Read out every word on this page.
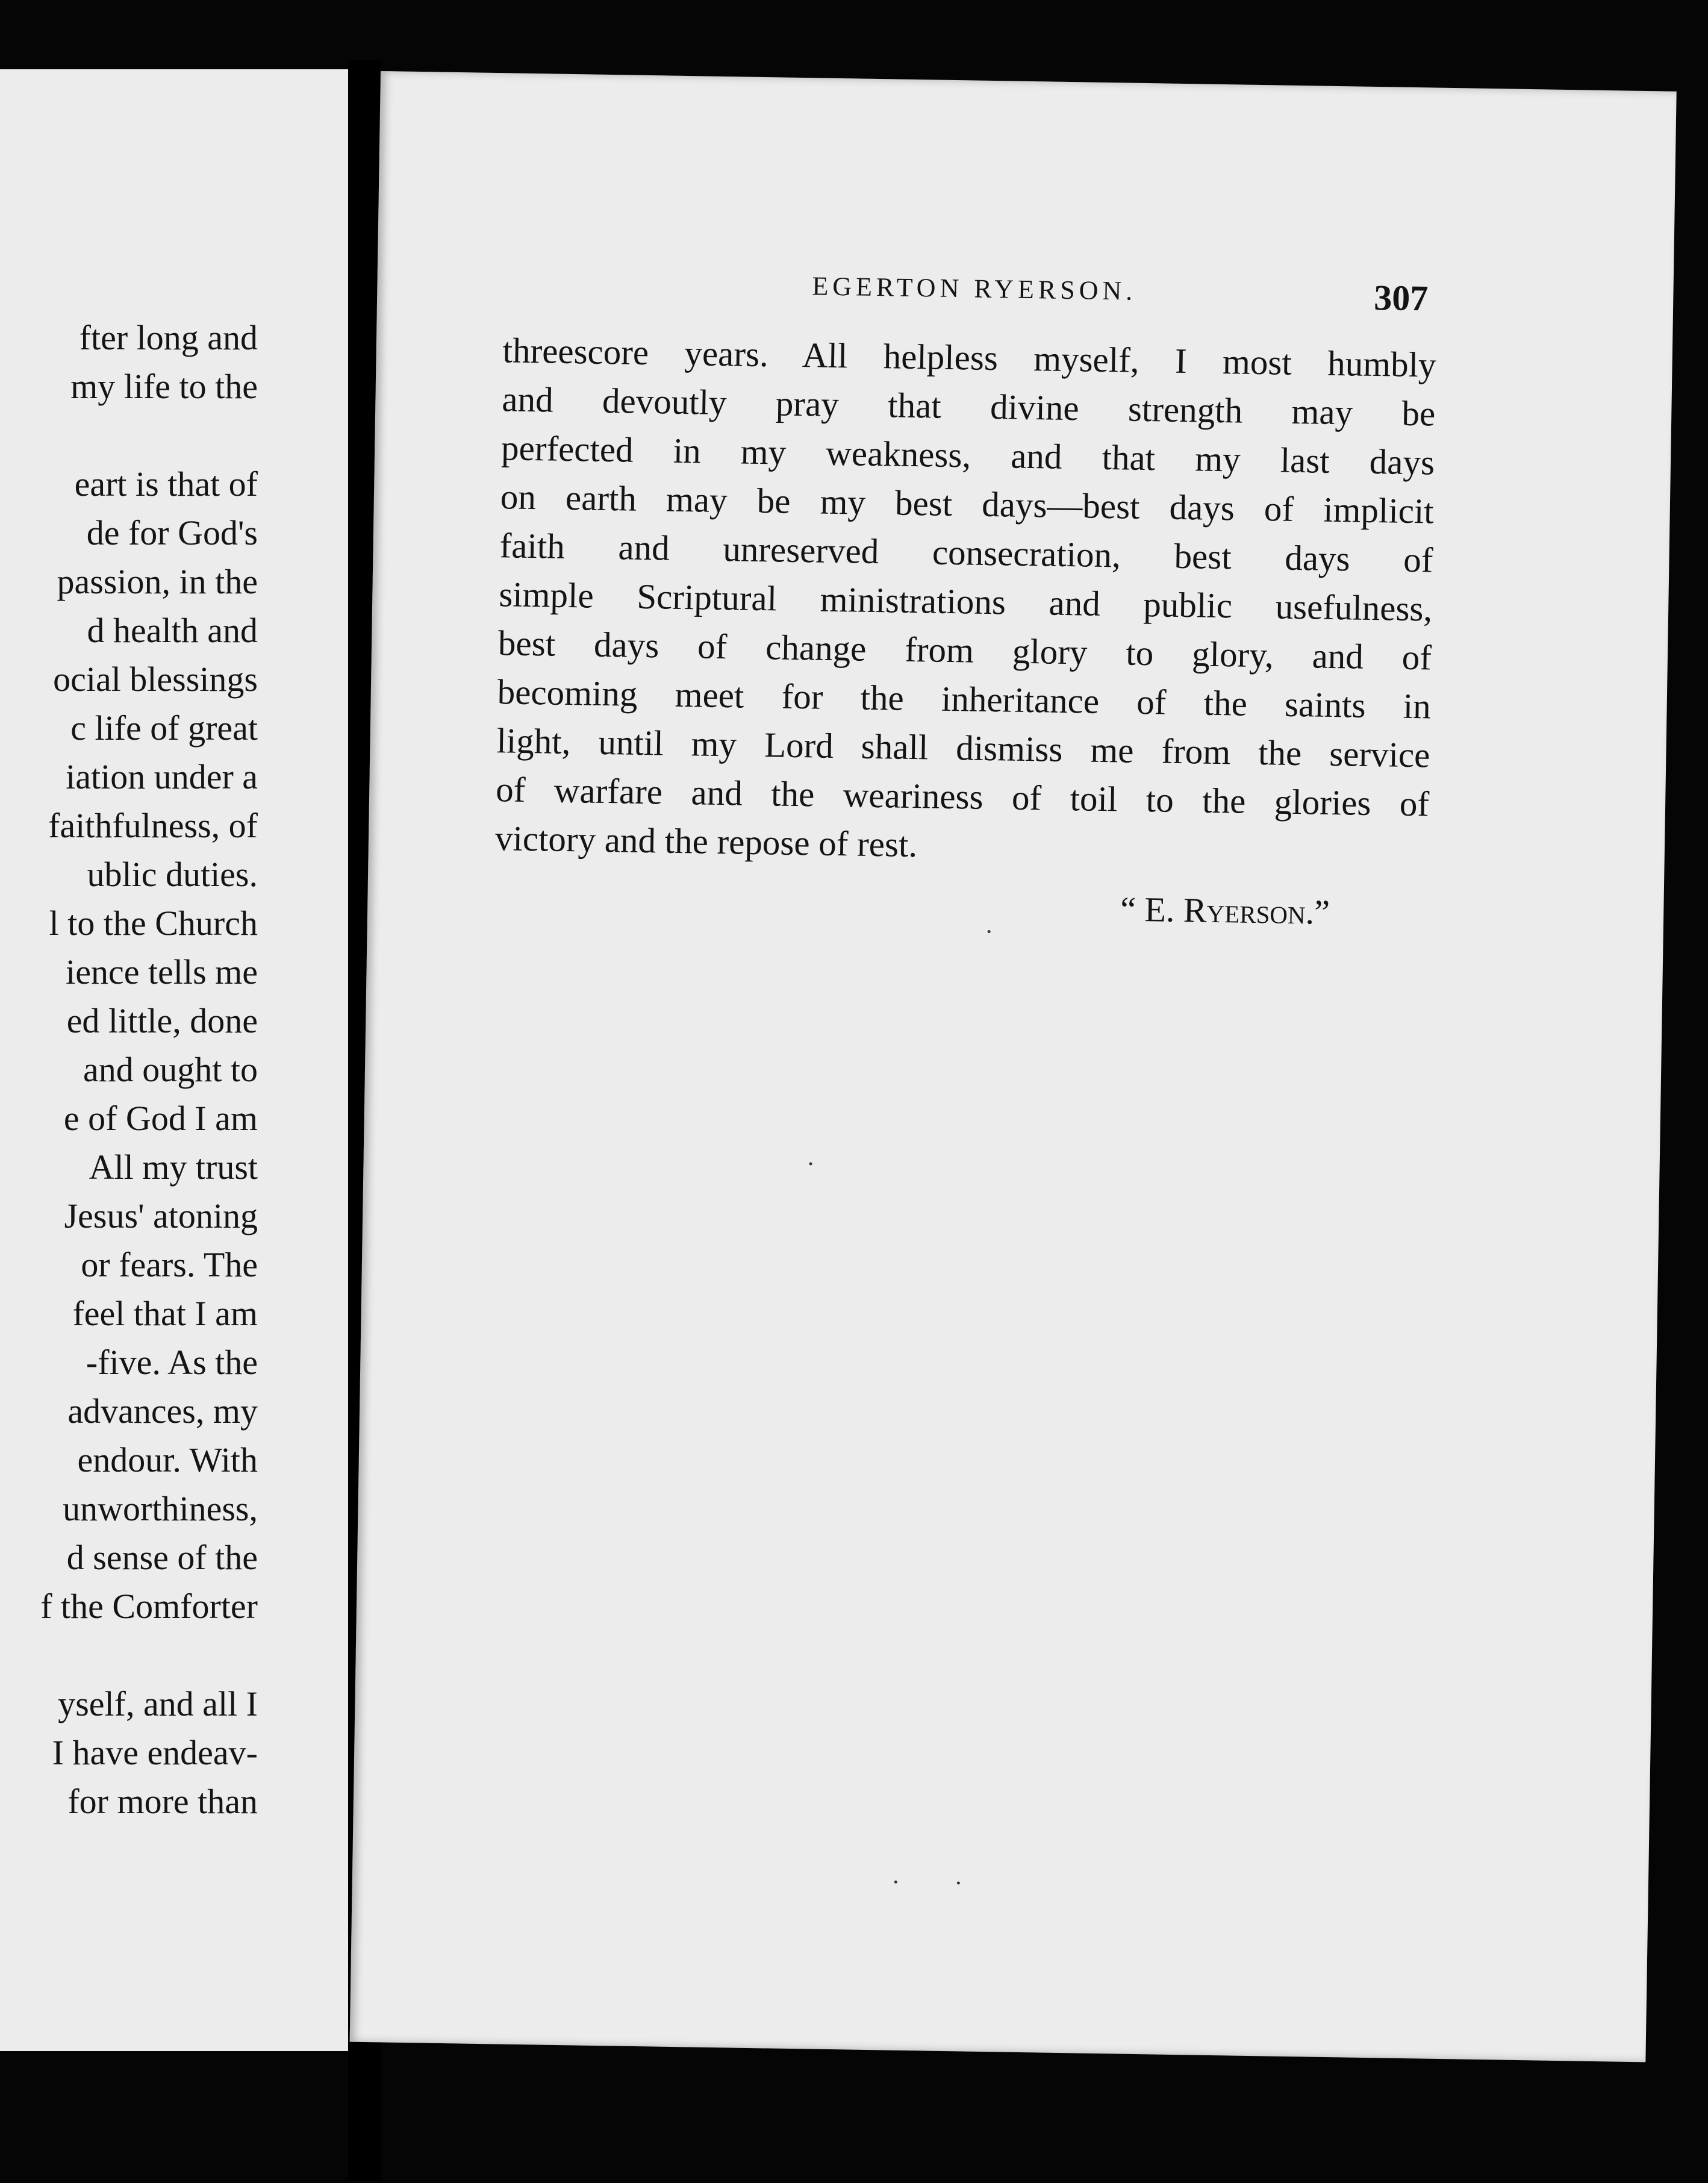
fter long and
my life to the
eart is that of
de for God's
passion, in the
d health and
ocial blessings
c life of great
iation under a
faithfulness, of
ublic duties.
l to the Church
ience tells me
ed little, done
and ought to
e of God I am
All my trust
Jesus' atoning
or fears. The
feel that I am
-five. As the
advances, my
endour. With
unworthiness,
d sense of the
f the Comforter
yself, and all I
I have endeav-
for more than
EGERTON RYERSON.	307
threescore years. All helpless myself, I most humbly
and devoutly pray that divine strength may be
perfected in my weakness, and that my last days
on earth may be my best days—best days of implicit
faith and unreserved consecration, best days of
simple Scriptural ministrations and public usefulness,
best days of change from glory to glory, and of
becoming meet for the inheritance of the saints in
light, until my Lord shall dismiss me from the service
of warfare and the weariness of toil to the glories of
victory and the repose of rest.
“ E. Ryerson.”
